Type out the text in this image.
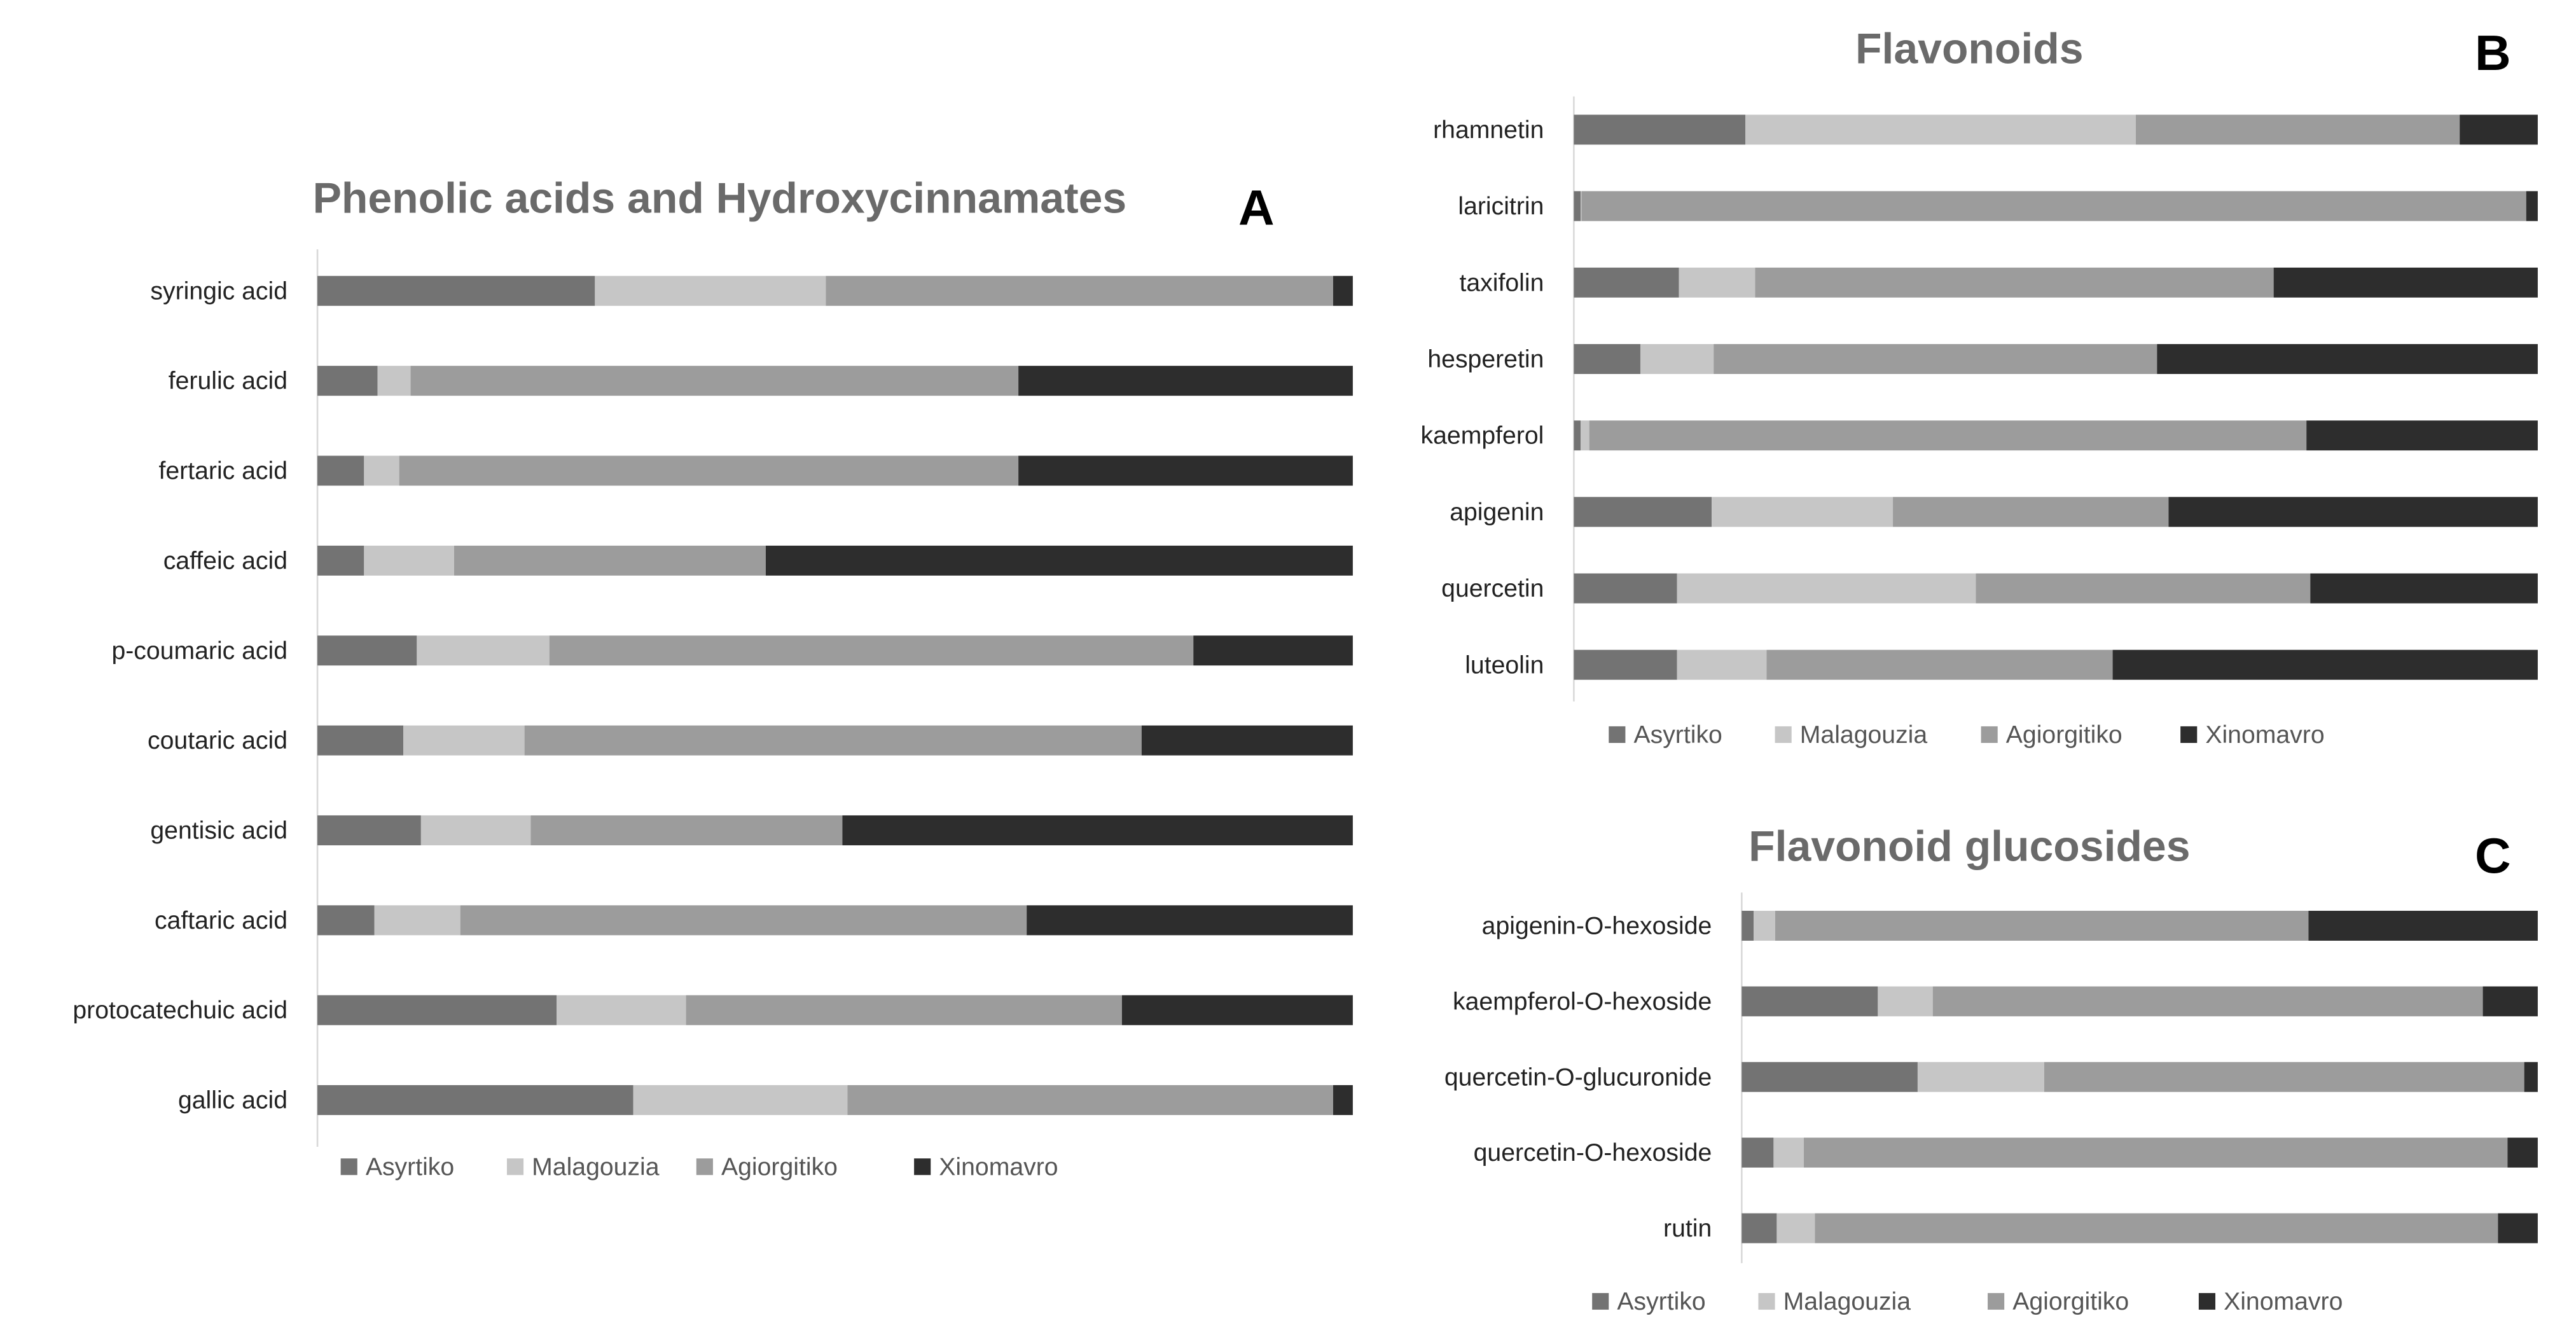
Phenolic acids and Hydroxycinnamates	A
syringic acid
ferulic acid
fertaric acid
caffeic acid
p-coumaric acid
coutaric acid
gentisic acid
caftaric acid
protocatechuic acid
gallic acid
Asyrtiko	Malagouzia	Agiorgitiko	Xinomavro
Flavonoids	B
rhamnetin
laricitrin
taxifolin
hesperetin
kaempferol
apigenin
quercetin
luteolin
Asyrtiko	Malagouzia	Agiorgitiko	Xinomavro
Flavonoid glucosides	C
apigenin-O-hexoside
kaempferol-O-hexoside
quercetin-O-glucuronide
quercetin-O-hexoside
rutin
Asyrtiko	Malagouzia	Agiorgitiko	Xinomavro
